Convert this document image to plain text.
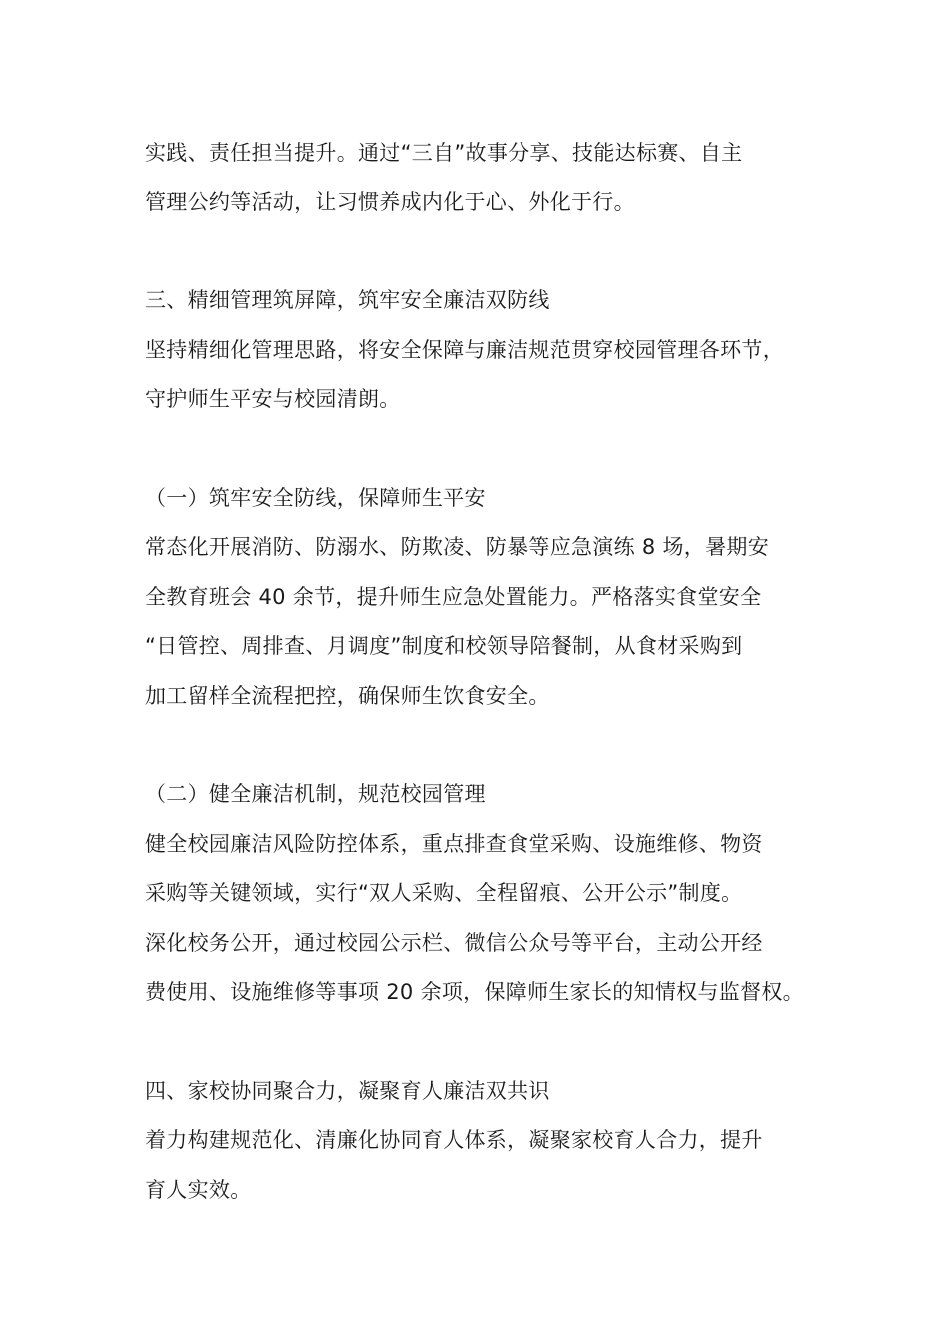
实践、责任担当提升。通过“三自”故事分享、技能达标赛、自主
管理公约等活动，让习惯养成内化于心、外化于行。
三、精细管理筑屏障，筑牢安全廉洁双防线
坚持精细化管理思路，将安全保障与廉洁规范贯穿校园管理各环节，
守护师生平安与校园清朗。
（一）筑牢安全防线，保障师生平安
常态化开展消防、防溺水、防欺凌、防暴等应急演练 8 场，暑期安
全教育班会 40 余节，提升师生应急处置能力。严格落实食堂安全
“日管控、周排查、月调度”制度和校领导陪餐制，从食材采购到
加工留样全流程把控，确保师生饮食安全。
（二）健全廉洁机制，规范校园管理
健全校园廉洁风险防控体系，重点排查食堂采购、设施维修、物资
采购等关键领域，实行“双人采购、全程留痕、公开公示”制度。
深化校务公开，通过校园公示栏、微信公众号等平台，主动公开经
费使用、设施维修等事项 20 余项，保障师生家长的知情权与监督权。
四、家校协同聚合力，凝聚育人廉洁双共识
着力构建规范化、清廉化协同育人体系，凝聚家校育人合力，提升
育人实效。
